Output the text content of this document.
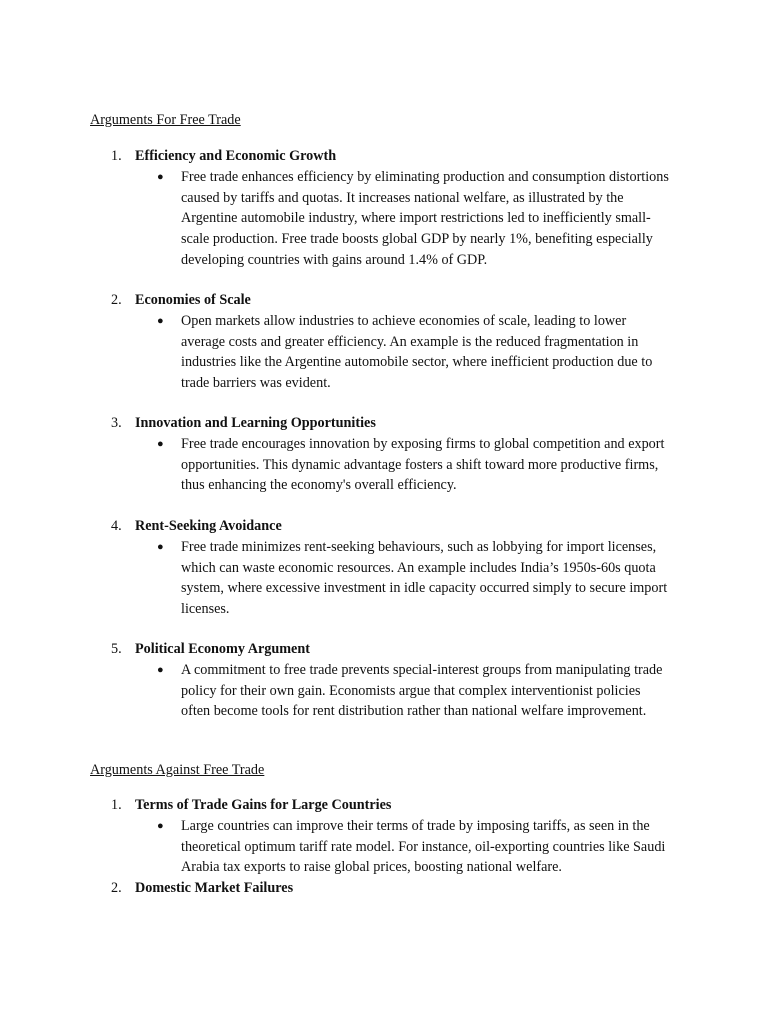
Arguments For Free Trade
1. Efficiency and Economic Growth
● Free trade enhances efficiency by eliminating production and consumption distortions caused by tariffs and quotas. It increases national welfare, as illustrated by the Argentine automobile industry, where import restrictions led to inefficiently small-scale production. Free trade boosts global GDP by nearly 1%, benefiting especially developing countries with gains around 1.4% of GDP.
2. Economies of Scale
● Open markets allow industries to achieve economies of scale, leading to lower average costs and greater efficiency. An example is the reduced fragmentation in industries like the Argentine automobile sector, where inefficient production due to trade barriers was evident.
3. Innovation and Learning Opportunities
● Free trade encourages innovation by exposing firms to global competition and export opportunities. This dynamic advantage fosters a shift toward more productive firms, thus enhancing the economy's overall efficiency.
4. Rent-Seeking Avoidance
● Free trade minimizes rent-seeking behaviours, such as lobbying for import licenses, which can waste economic resources. An example includes India’s 1950s-60s quota system, where excessive investment in idle capacity occurred simply to secure import licenses.
5. Political Economy Argument
● A commitment to free trade prevents special-interest groups from manipulating trade policy for their own gain. Economists argue that complex interventionist policies often become tools for rent distribution rather than national welfare improvement.
Arguments Against Free Trade
1. Terms of Trade Gains for Large Countries
● Large countries can improve their terms of trade by imposing tariffs, as seen in the theoretical optimum tariff rate model. For instance, oil-exporting countries like Saudi Arabia tax exports to raise global prices, boosting national welfare.
2. Domestic Market Failures
